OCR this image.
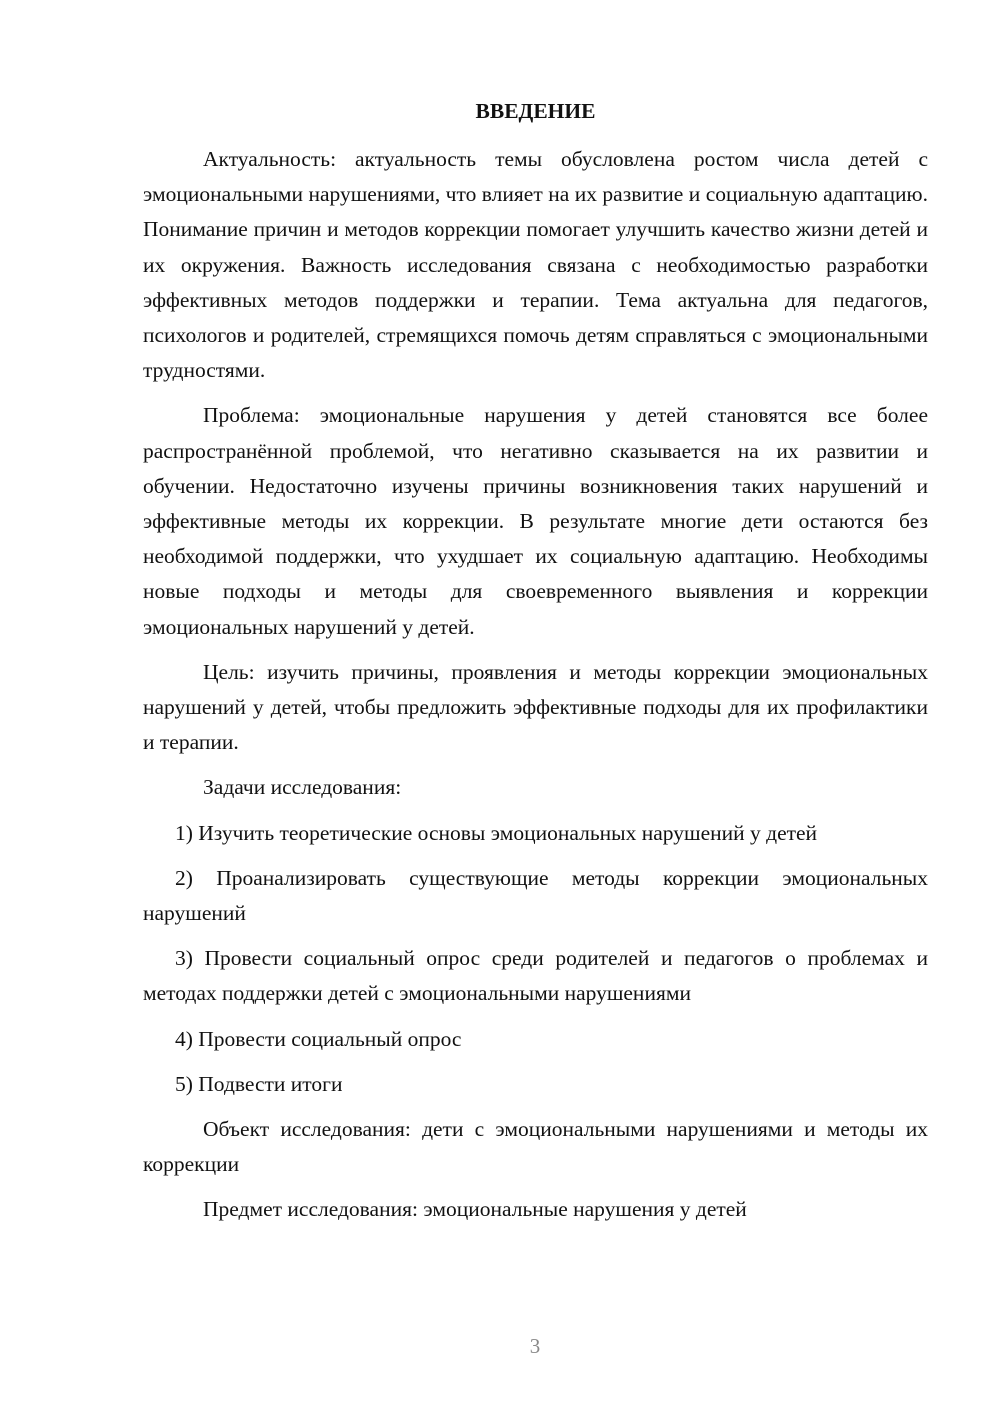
ВВЕДЕНИЕ

Актуальность: актуальность темы обусловлена ростом числа детей с эмоциональными нарушениями, что влияет на их развитие и социальную адаптацию. Понимание причин и методов коррекции помогает улучшить качество жизни детей и их окружения. Важность исследования связана с необходимостью разработки эффективных методов поддержки и терапии. Тема актуальна для педагогов, психологов и родителей, стремящихся помочь детям справляться с эмоциональными трудностями.

Проблема: эмоциональные нарушения у детей становятся все более распространённой проблемой, что негативно сказывается на их развитии и обучении. Недостаточно изучены причины возникновения таких нарушений и эффективные методы их коррекции. В результате многие дети остаются без необходимой поддержки, что ухудшает их социальную адаптацию. Необходимы новые подходы и методы для своевременного выявления и коррекции эмоциональных нарушений у детей.

Цель: изучить причины, проявления и методы коррекции эмоциональных нарушений у детей, чтобы предложить эффективные подходы для их профилактики и терапии.

Задачи исследования:

1) Изучить теоретические основы эмоциональных нарушений у детей

2) Проанализировать существующие методы коррекции эмоциональных нарушений

3) Провести социальный опрос среди родителей и педагогов о проблемах и методах поддержки детей с эмоциональными нарушениями

4) Провести социальный опрос

5) Подвести итоги

Объект исследования: дети с эмоциональными нарушениями и методы их коррекции

Предмет исследования: эмоциональные нарушения у детей

3
